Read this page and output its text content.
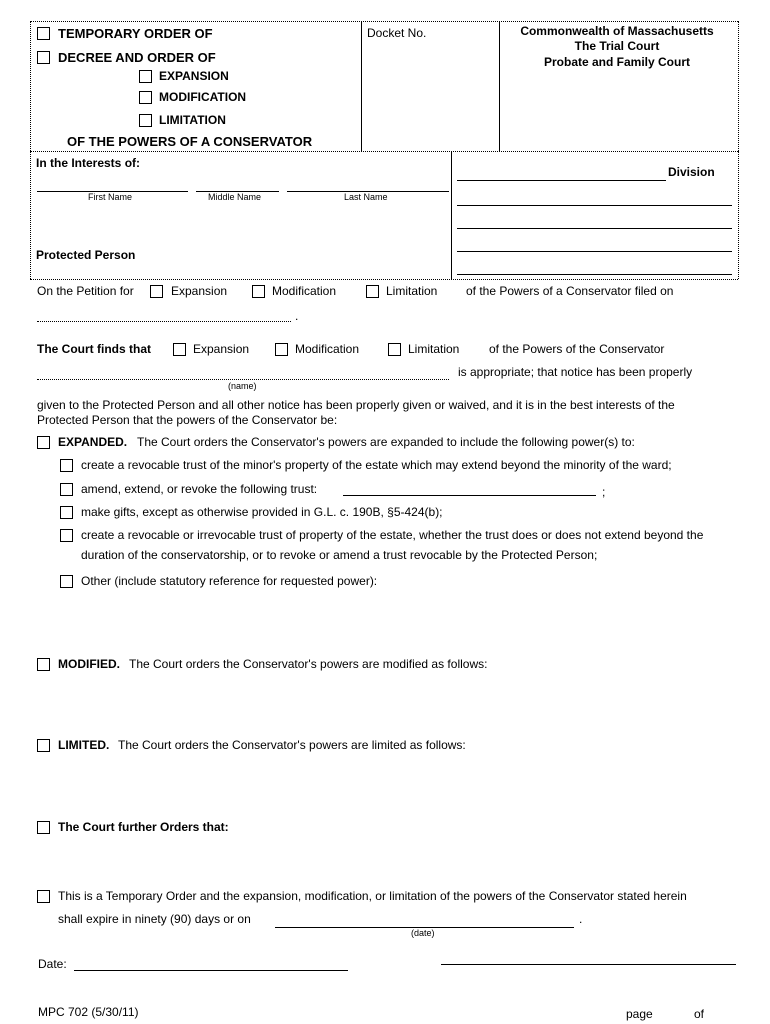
TEMPORARY ORDER OF
DECREE AND ORDER OF
EXPANSION
MODIFICATION
LIMITATION
OF THE POWERS OF A CONSERVATOR
Docket No.	Commonwealth of Massachusetts
The Trial Court
Probate and Family Court
In the Interests of:
First Name	Middle Name	Last Name
Protected Person
Division
On the Petition for	Expansion	Modification	Limitation of the Powers of a Conservator filed on
.
The Court finds that	Expansion	Modification	Limitation of the Powers of the Conservator
is appropriate; that notice has been properly
(name)
given to the Protected Person and all other notice has been properly given or waived, and it is in the best interests of the Protected Person that the powers of the Conservator be:
EXPANDED. The Court orders the Conservator's powers are expanded to include the following power(s) to:
create a revocable trust of the minor's property of the estate which may extend beyond the minority of the ward;
amend, extend, or revoke the following trust:	;
make gifts, except as otherwise provided in G.L. c. 190B, §5-424(b);
create a revocable or irrevocable trust of property of the estate, whether the trust does or does not extend beyond the
duration of the conservatorship, or to revoke or amend a trust revocable by the Protected Person;
Other (include statutory reference for requested power):
MODIFIED. The Court orders the Conservator's powers are modified as follows:
LIMITED. The Court orders the Conservator's powers are limited as follows:
The Court further Orders that:
This is a Temporary Order and the expansion, modification, or limitation of the powers of the Conservator stated herein
shall expire in ninety (90) days or on	.
(date)
Date:
MPC 702 (5/30/11)	page	of
